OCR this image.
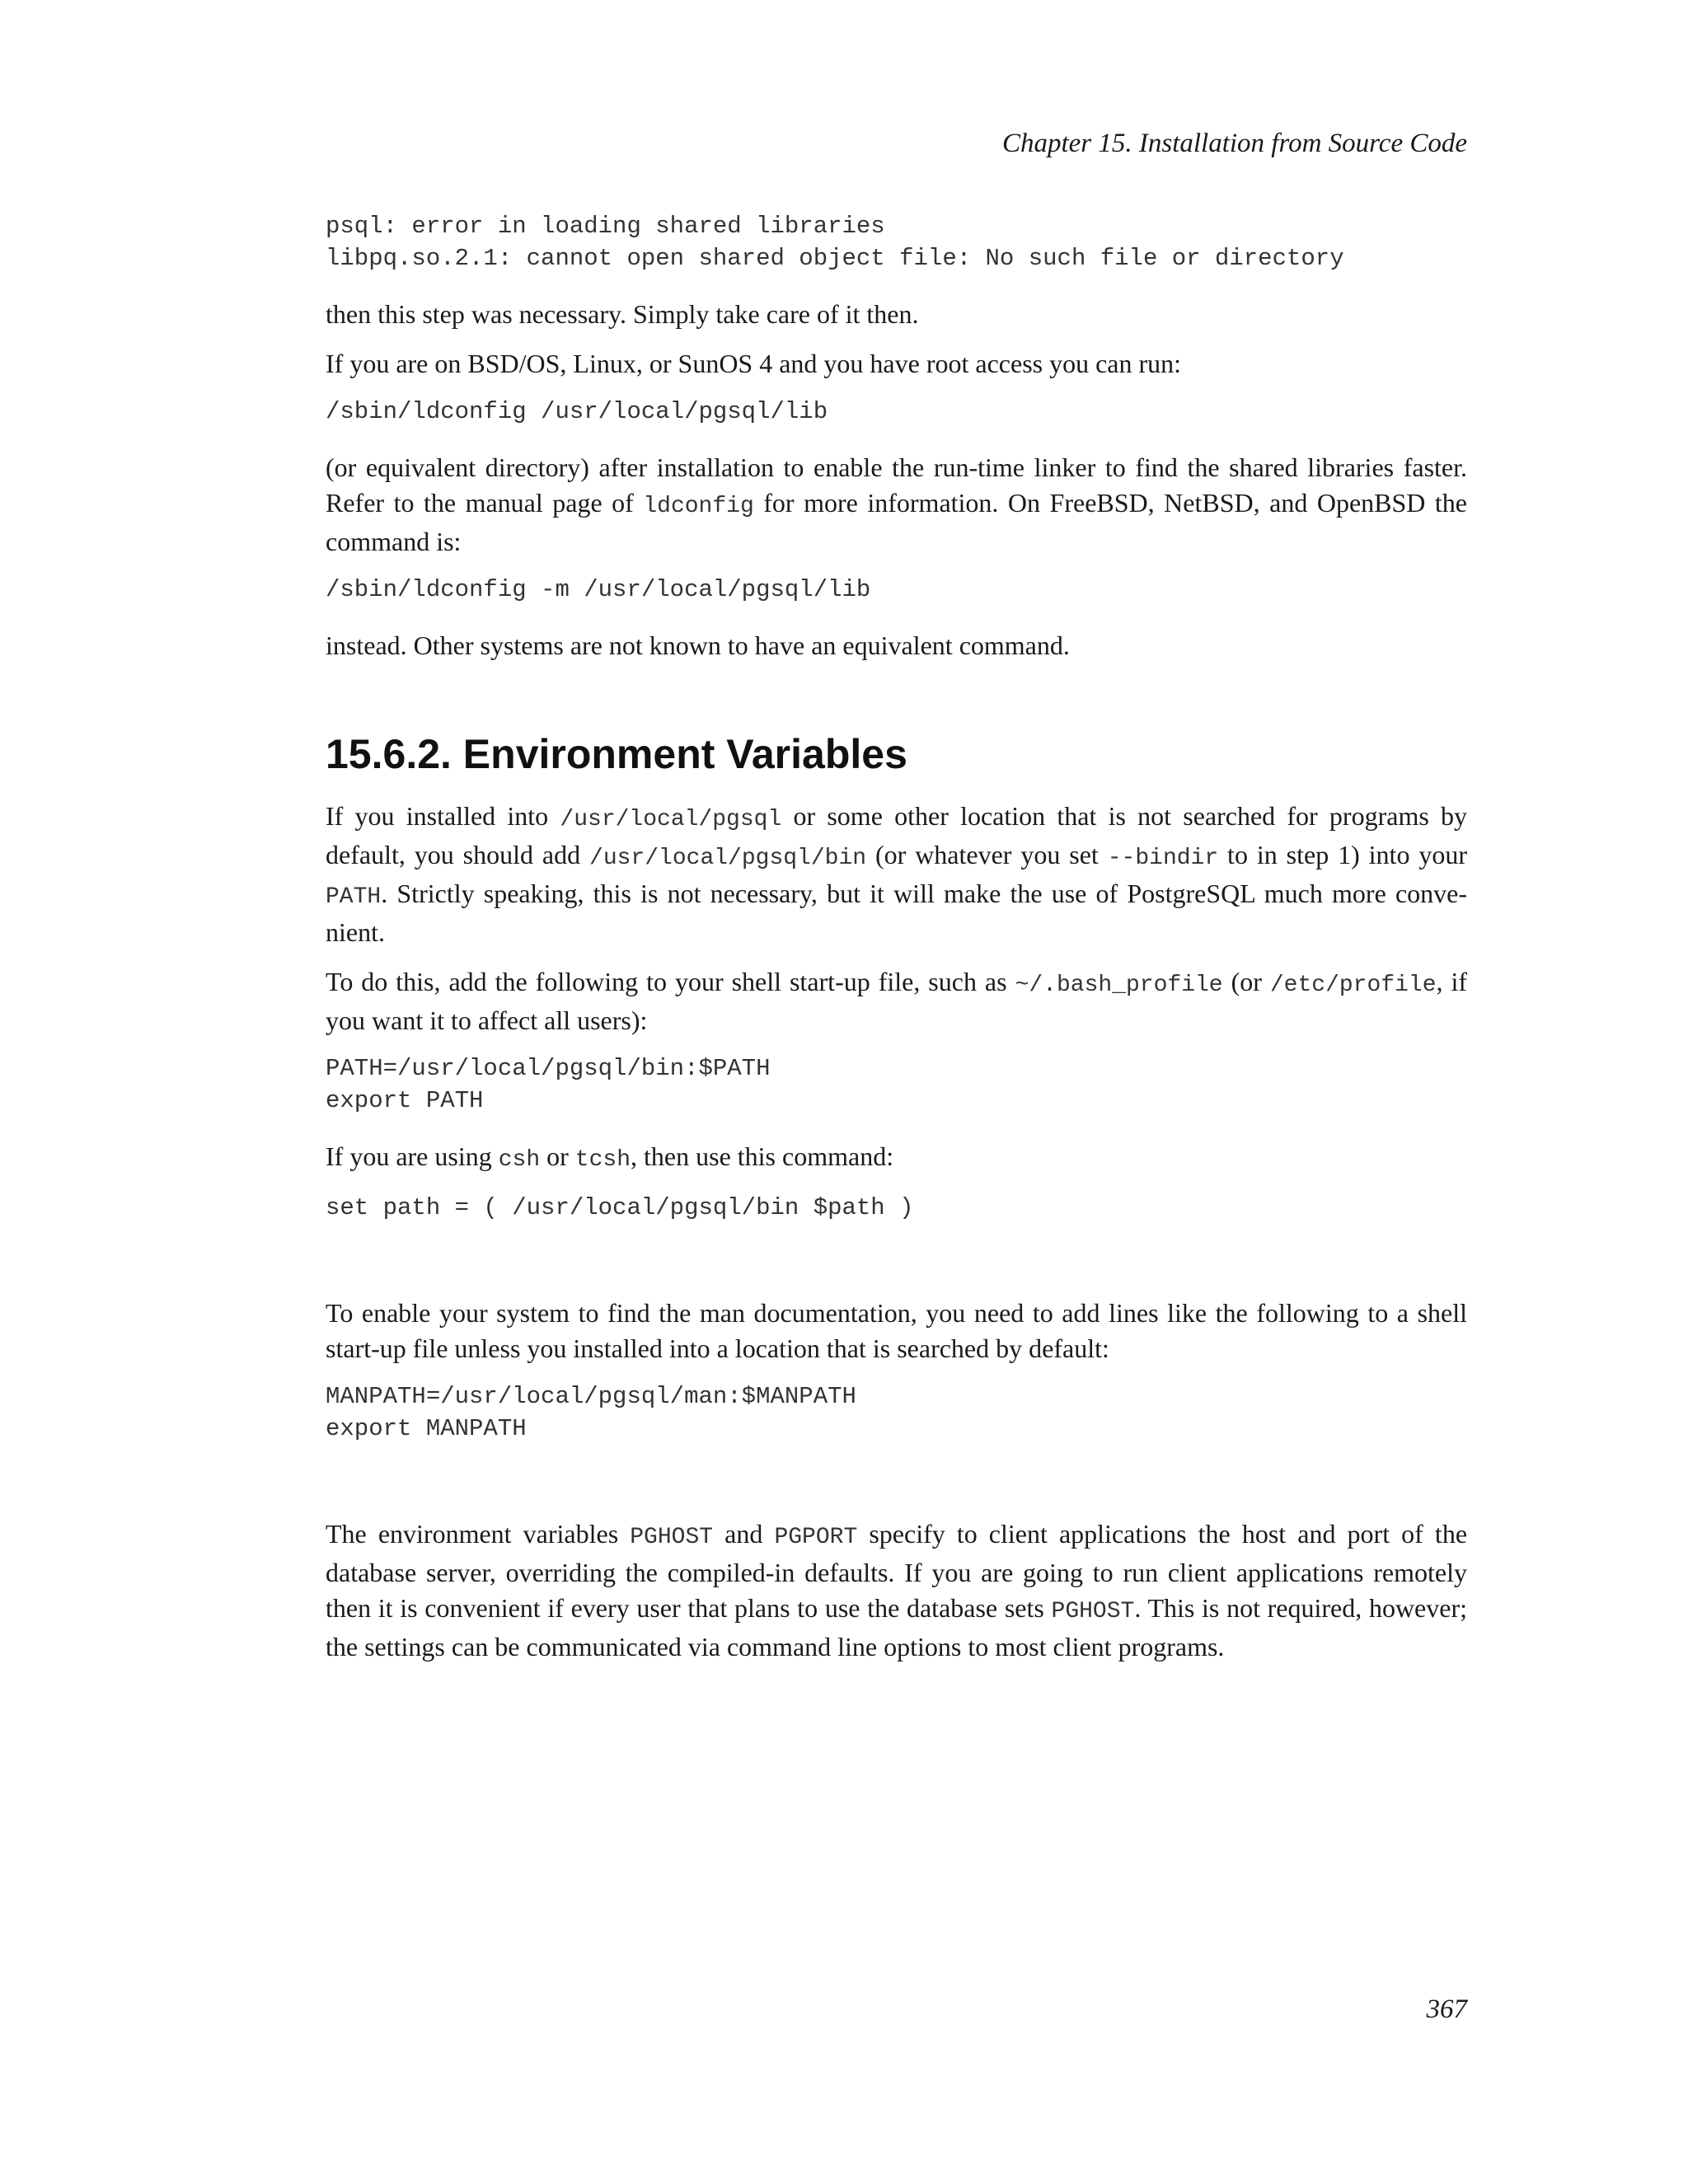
Chapter 15. Installation from Source Code
psql: error in loading shared libraries
libpq.so.2.1: cannot open shared object file: No such file or directory

then this step was necessary. Simply take care of it then.

If you are on BSD/OS, Linux, or SunOS 4 and you have root access you can run:

/sbin/ldconfig /usr/local/pgsql/lib

(or equivalent directory) after installation to enable the run-time linker to find the shared libraries faster. Refer to the manual page of ldconfig for more information. On FreeBSD, NetBSD, and OpenBSD the command is:

/sbin/ldconfig -m /usr/local/pgsql/lib

instead. Other systems are not known to have an equivalent command.

15.6.2. Environment Variables

If you installed into /usr/local/pgsql or some other location that is not searched for programs by default, you should add /usr/local/pgsql/bin (or whatever you set --bindir to in step 1) into your PATH. Strictly speaking, this is not necessary, but it will make the use of PostgreSQL much more conve-nient.

To do this, add the following to your shell start-up file, such as ~/.bash_profile (or /etc/profile, if you want it to affect all users):

PATH=/usr/local/pgsql/bin:$PATH
export PATH

If you are using csh or tcsh, then use this command:

set path = ( /usr/local/pgsql/bin $path )

To enable your system to find the man documentation, you need to add lines like the following to a shell start-up file unless you installed into a location that is searched by default:

MANPATH=/usr/local/pgsql/man:$MANPATH
export MANPATH

The environment variables PGHOST and PGPORT specify to client applications the host and port of the database server, overriding the compiled-in defaults. If you are going to run client applications remotely then it is convenient if every user that plans to use the database sets PGHOST. This is not required, however; the settings can be communicated via command line options to most client programs.

367
